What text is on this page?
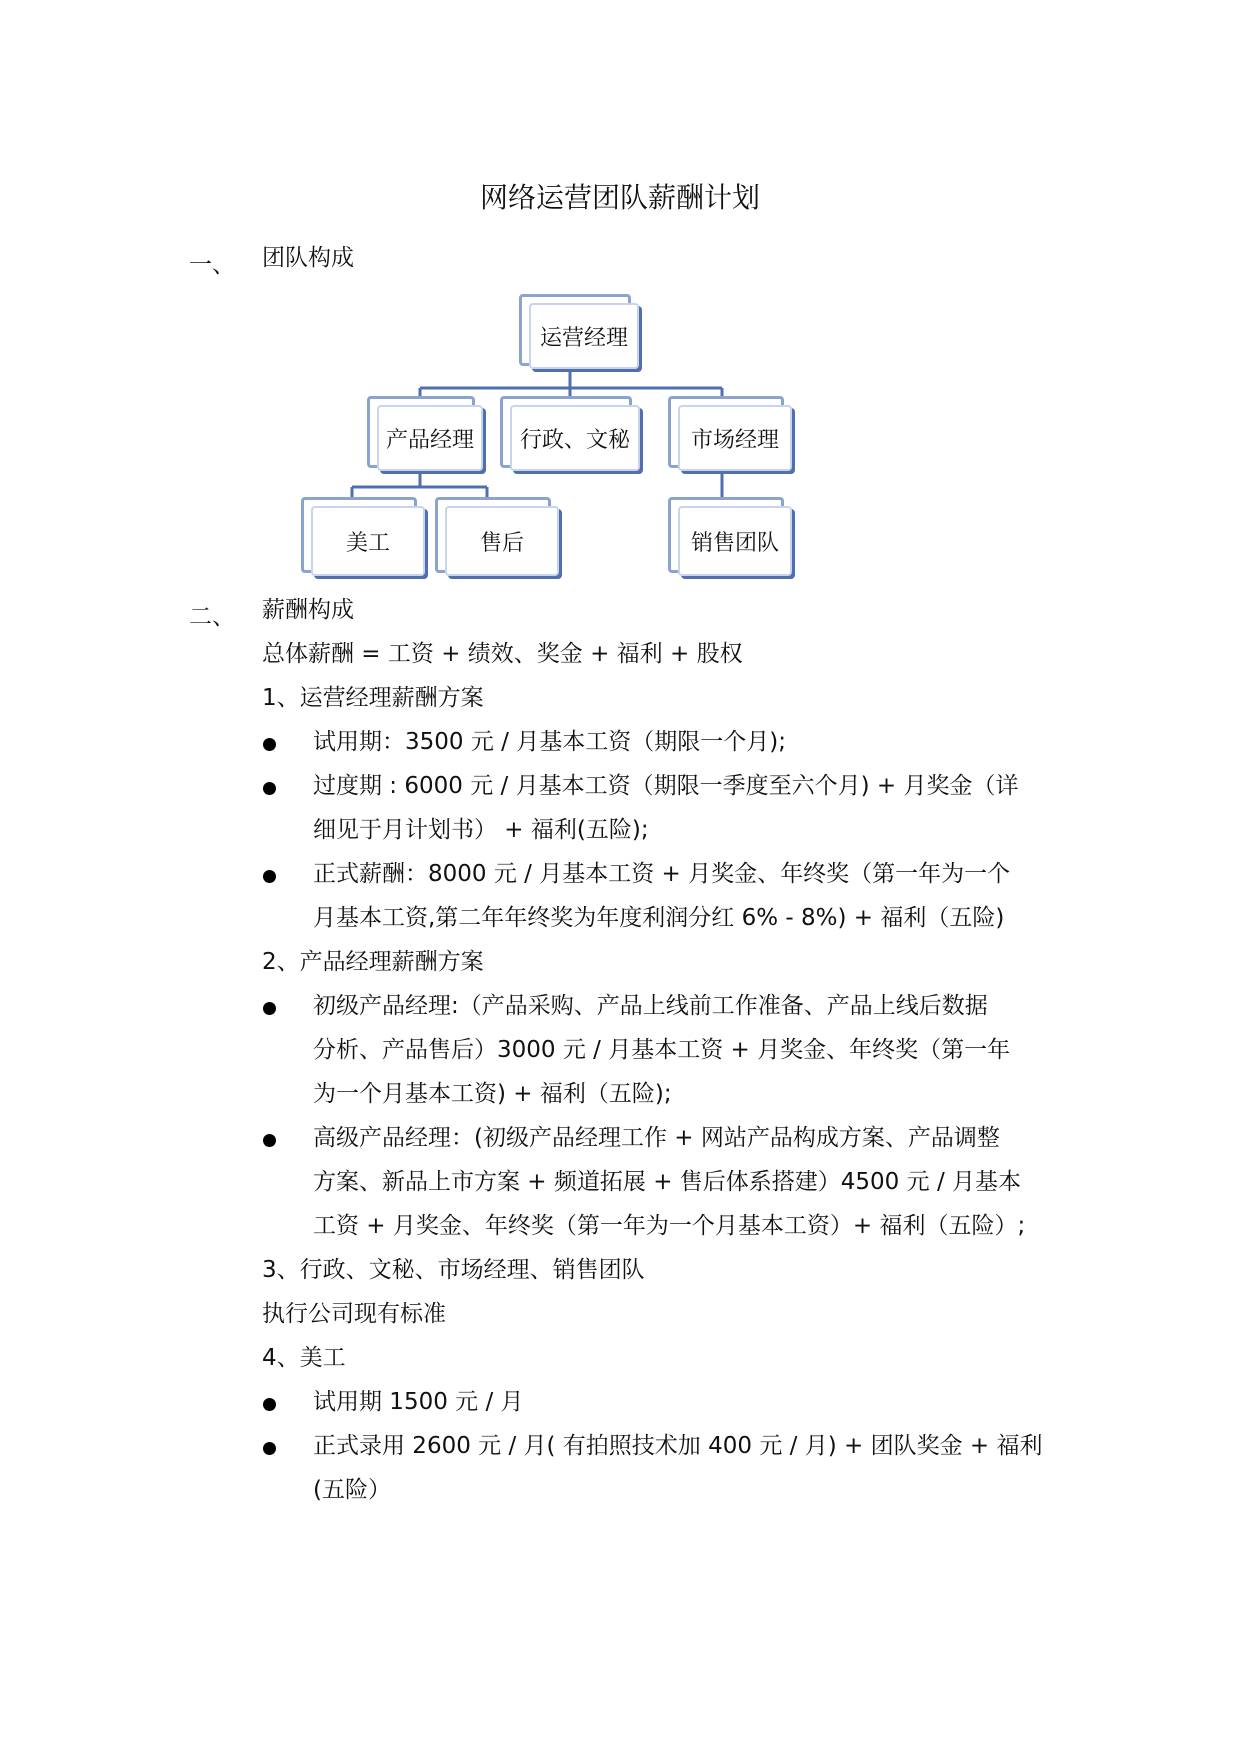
网络运营团队薪酬计划
一、 团队构成
运营经理
产品经理	行政、文秘	市场经理
美工	售后	销售团队
二、 薪酬构成
总体薪酬 = 工资 + 绩效、奖金 + 福利 + 股权
1、运营经理薪酬方案
试用期：3500 元 / 月基本工资（期限一个月);
过度期 : 6000 元 / 月基本工资（期限一季度至六个月) + 月奖金（详
细见于月计划书） + 福利(五险);
正式薪酬：8000 元 / 月基本工资 + 月奖金、年终奖（第一年为一个
月基本工资,第二年年终奖为年度利润分红 6% - 8%) + 福利（五险)
2、产品经理薪酬方案
初级产品经理:（产品采购、产品上线前工作准备、产品上线后数据
分析、产品售后）3000 元 / 月基本工资 + 月奖金、年终奖（第一年
为一个月基本工资) + 福利（五险);
高级产品经理：(初级产品经理工作 + 网站产品构成方案、产品调整
方案、新品上市方案 + 频道拓展 + 售后体系搭建）4500 元 / 月基本
工资 + 月奖金、年终奖（第一年为一个月基本工资）+ 福利（五险）;
3、行政、文秘、市场经理、销售团队
执行公司现有标准
4、美工
试用期 1500 元 / 月
正式录用 2600 元 / 月( 有拍照技术加 400 元 / 月) + 团队奖金 + 福利
(五险）
